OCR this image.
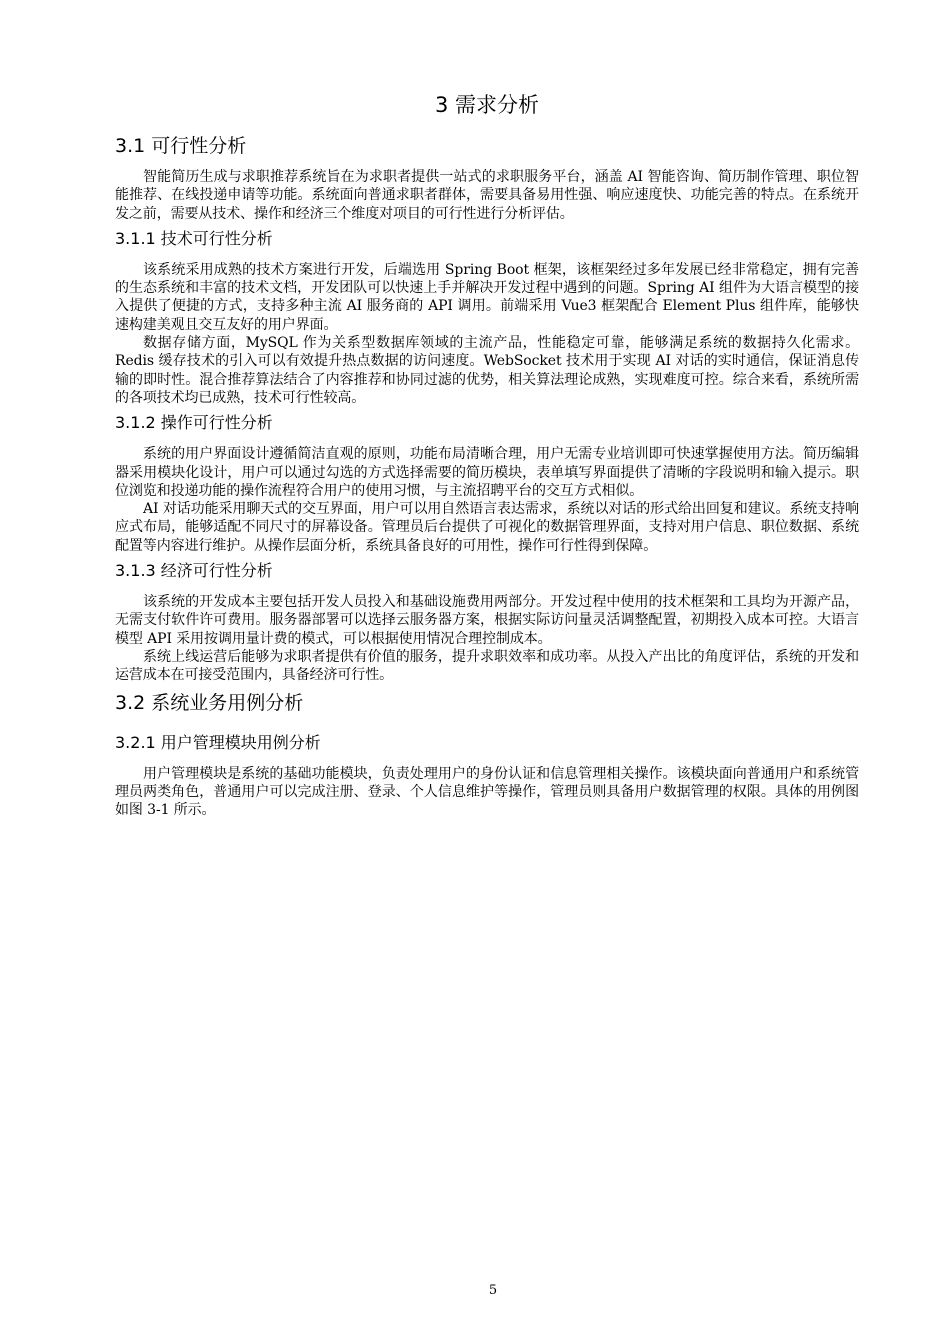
3 需求分析
3.1 可行性分析

智能简历生成与求职推荐系统旨在为求职者提供一站式的求职服务平台，涵盖 AI 智能咨询、简历制作管理、职位智能推荐、在线投递申请等功能。系统面向普通求职者群体，需要具备易用性强、响应速度快、功能完善的特点。在系统开发之前，需要从技术、操作和经济三个维度对项目的可行性进行分析评估。

3.1.1 技术可行性分析

该系统采用成熟的技术方案进行开发，后端选用 Spring Boot 框架，该框架经过多年发展已经非常稳定，拥有完善的生态系统和丰富的技术文档，开发团队可以快速上手并解决开发过程中遇到的问题。Spring AI 组件为大语言模型的接入提供了便捷的方式，支持多种主流 AI 服务商的 API 调用。前端采用 Vue3 框架配合 Element Plus 组件库，能够快速构建美观且交互友好的用户界面。

数据存储方面，MySQL 作为关系型数据库领域的主流产品，性能稳定可靠，能够满足系统的数据持久化需求。Redis 缓存技术的引入可以有效提升热点数据的访问速度。WebSocket 技术用于实现 AI 对话的实时通信，保证消息传输的即时性。混合推荐算法结合了内容推荐和协同过滤的优势，相关算法理论成熟，实现难度可控。综合来看，系统所需的各项技术均已成熟，技术可行性较高。

3.1.2 操作可行性分析

系统的用户界面设计遵循简洁直观的原则，功能布局清晰合理，用户无需专业培训即可快速掌握使用方法。简历编辑器采用模块化设计，用户可以通过勾选的方式选择需要的简历模块，表单填写界面提供了清晰的字段说明和输入提示。职位浏览和投递功能的操作流程符合用户的使用习惯，与主流招聘平台的交互方式相似。

AI 对话功能采用聊天式的交互界面，用户可以用自然语言表达需求，系统以对话的形式给出回复和建议。系统支持响应式布局，能够适配不同尺寸的屏幕设备。管理员后台提供了可视化的数据管理界面，支持对用户信息、职位数据、系统配置等内容进行维护。从操作层面分析，系统具备良好的可用性，操作可行性得到保障。

3.1.3 经济可行性分析

该系统的开发成本主要包括开发人员投入和基础设施费用两部分。开发过程中使用的技术框架和工具均为开源产品，无需支付软件许可费用。服务器部署可以选择云服务器方案，根据实际访问量灵活调整配置，初期投入成本可控。大语言模型 API 采用按调用量计费的模式，可以根据使用情况合理控制成本。

系统上线运营后能够为求职者提供有价值的服务，提升求职效率和成功率。从投入产出比的角度评估，系统的开发和运营成本在可接受范围内，具备经济可行性。

3.2 系统业务用例分析
3.2.1 用户管理模块用例分析

用户管理模块是系统的基础功能模块，负责处理用户的身份认证和信息管理相关操作。该模块面向普通用户和系统管理员两类角色，普通用户可以完成注册、登录、个人信息维护等操作，管理员则具备用户数据管理的权限。具体的用例图如图 3-1 所示。

5
